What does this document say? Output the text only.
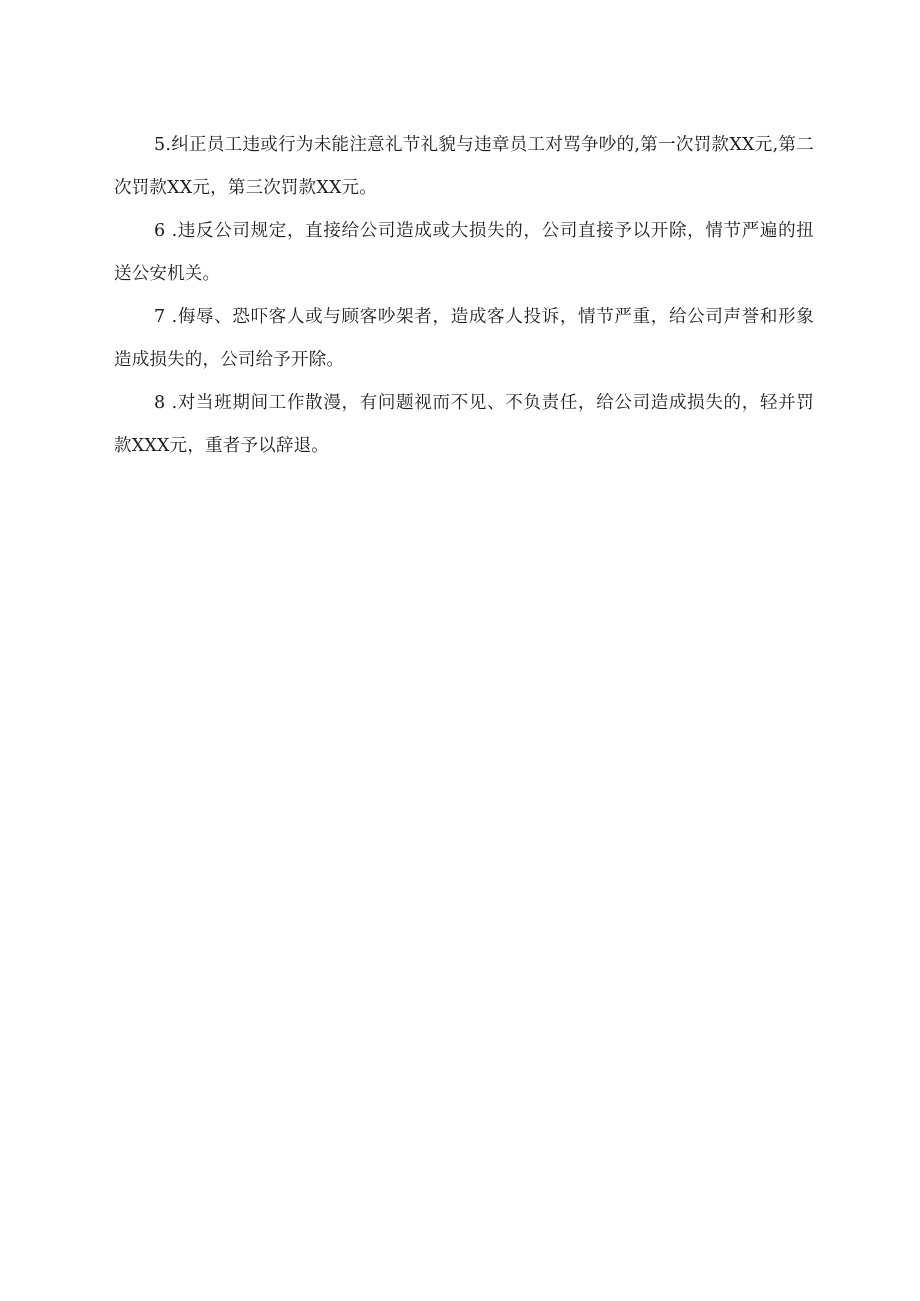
5.纠正员工违或行为未能注意礼节礼貌与违章员工对骂争吵的,第一次罚款XX元,第二次罚款XX元，第三次罚款XX元。

6 .违反公司规定，直接给公司造成或大损失的，公司直接予以开除，情节严遍的扭送公安机关。

7 .侮辱、恐吓客人或与顾客吵架者，造成客人投诉，情节严重，给公司声誉和形象造成损失的，公司给予开除。

8 .对当班期间工作散漫，有问题视而不见、不负责任，给公司造成损失的，轻并罚款XXX元，重者予以辞退。
